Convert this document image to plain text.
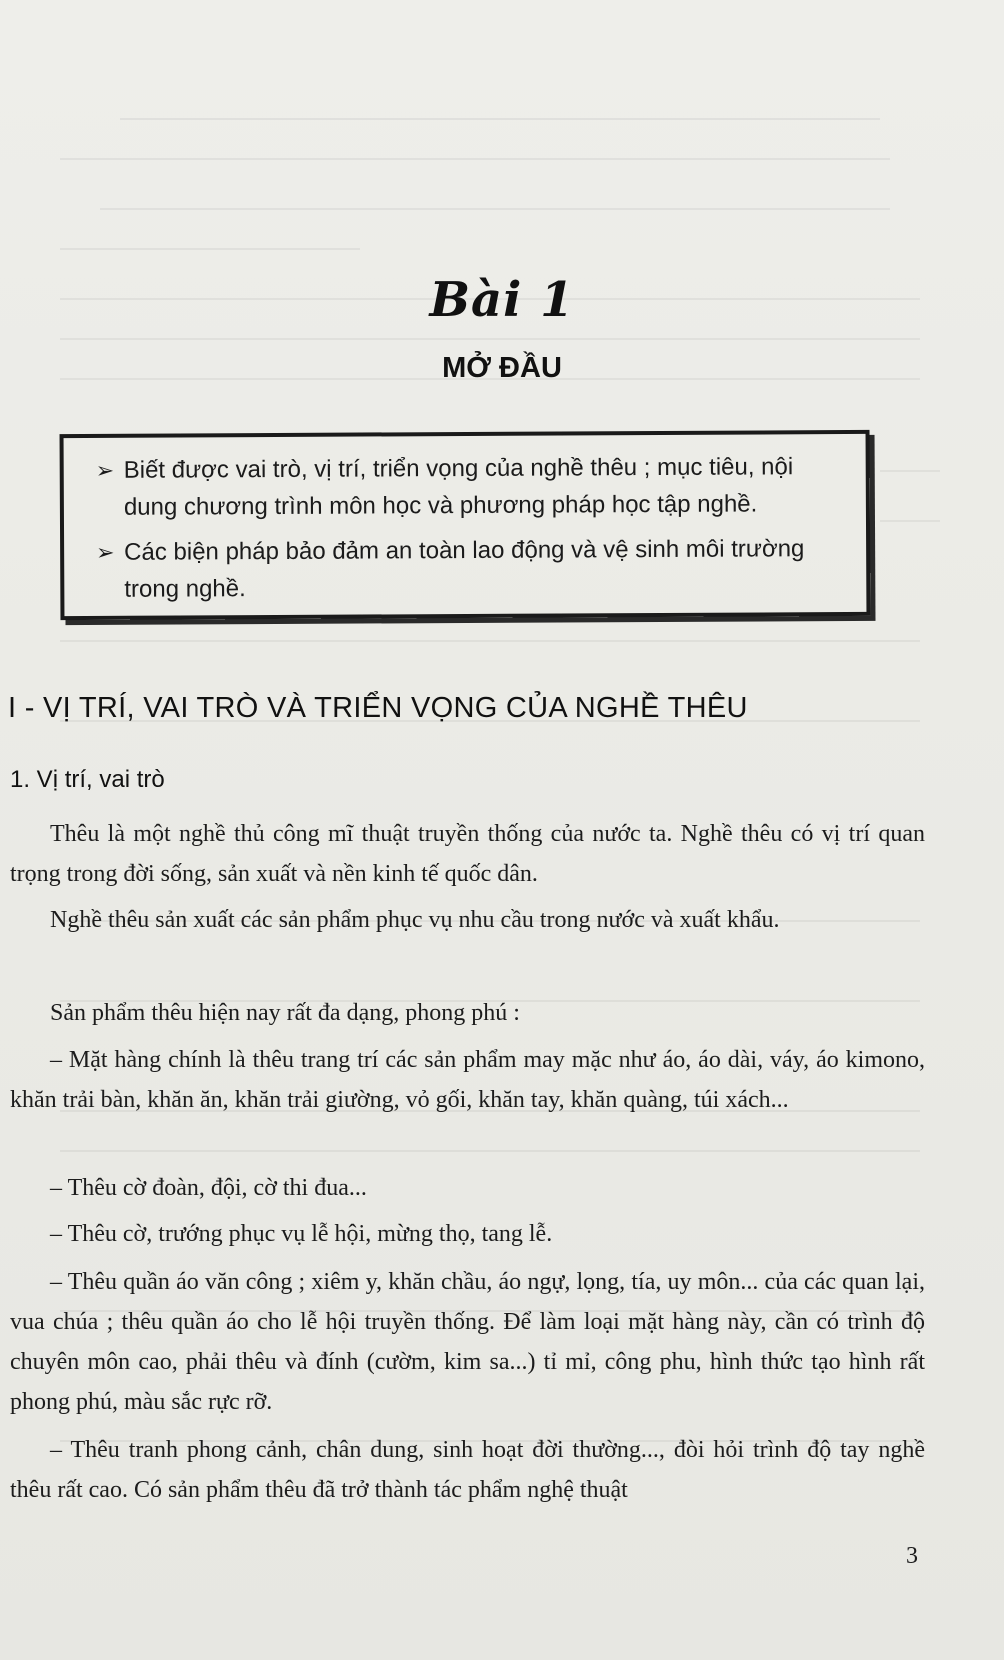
Bài 1
MỞ ĐẦU
➢ Biết được vai trò, vị trí, triển vọng của nghề thêu ; mục tiêu, nội dung chương trình môn học và phương pháp học tập nghề.
➢ Các biện pháp bảo đảm an toàn lao động và vệ sinh môi trường trong nghề.
I - VỊ TRÍ, VAI TRÒ VÀ TRIỂN VỌNG CỦA NGHỀ THÊU
1. Vị trí, vai trò
Thêu là một nghề thủ công mĩ thuật truyền thống của nước ta. Nghề thêu có vị trí quan trọng trong đời sống, sản xuất và nền kinh tế quốc dân.
Nghề thêu sản xuất các sản phẩm phục vụ nhu cầu trong nước và xuất khẩu.
Sản phẩm thêu hiện nay rất đa dạng, phong phú :
– Mặt hàng chính là thêu trang trí các sản phẩm may mặc như áo, áo dài, váy, áo kimono, khăn trải bàn, khăn ăn, khăn trải giường, vỏ gối, khăn tay, khăn quàng, túi xách...
– Thêu cờ đoàn, đội, cờ thi đua...
– Thêu cờ, trướng phục vụ lễ hội, mừng thọ, tang lễ.
– Thêu quần áo văn công ; xiêm y, khăn chầu, áo ngự, lọng, tía, uy môn... của các quan lại, vua chúa ; thêu quần áo cho lễ hội truyền thống. Để làm loại mặt hàng này, cần có trình độ chuyên môn cao, phải thêu và đính (cườm, kim sa...) tỉ mỉ, công phu, hình thức tạo hình rất phong phú, màu sắc rực rỡ.
– Thêu tranh phong cảnh, chân dung, sinh hoạt đời thường..., đòi hỏi trình độ tay nghề thêu rất cao. Có sản phẩm thêu đã trở thành tác phẩm nghệ thuật
3
